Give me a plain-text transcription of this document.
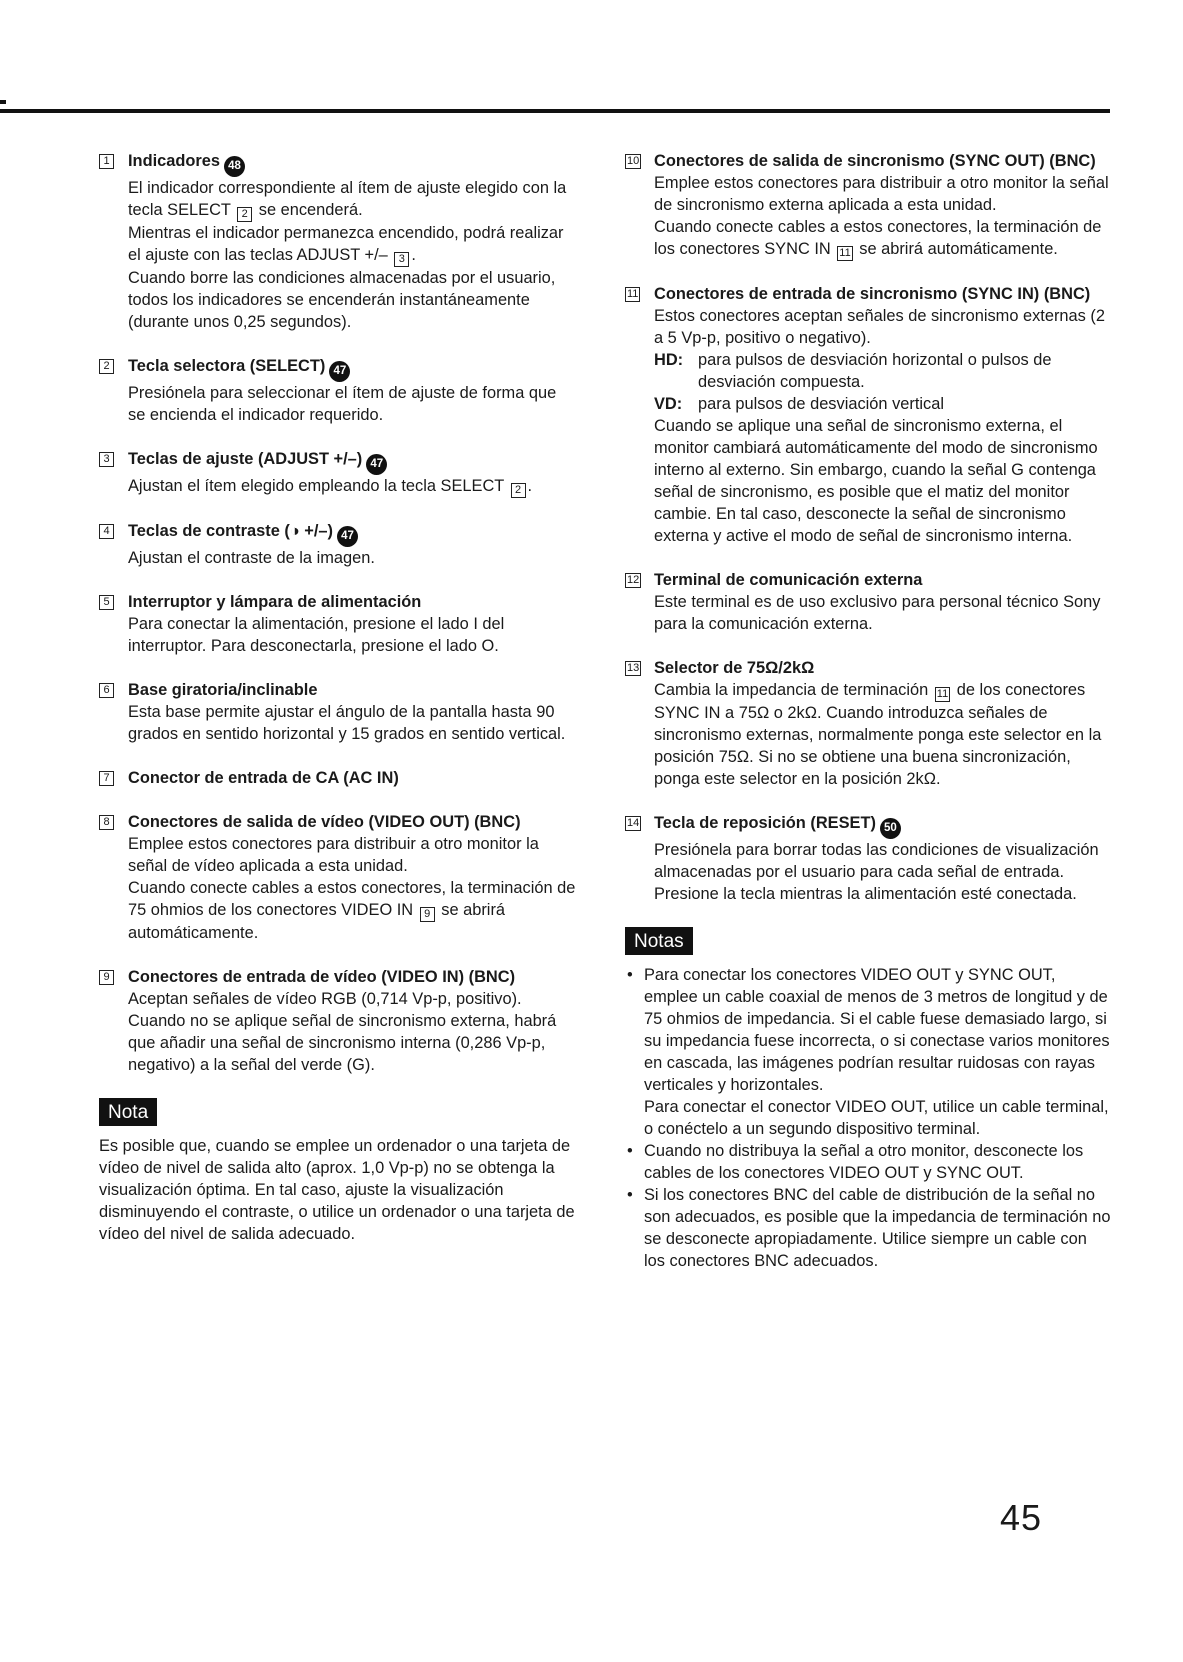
1 Indicadores 48
El indicador correspondiente al ítem de ajuste elegido con la tecla SELECT 2 se encenderá.
Mientras el indicador permanezca encendido, podrá realizar el ajuste con las teclas ADJUST +/– 3 .
Cuando borre las condiciones almacenadas por el usuario, todos los indicadores se encenderán instantáneamente (durante unos 0,25 segundos).
2 Tecla selectora (SELECT) 47
Presiónela para seleccionar el ítem de ajuste de forma que se encienda el indicador requerido.
3 Teclas de ajuste (ADJUST +/–) 47
Ajustan el ítem elegido empleando la tecla SELECT 2 .
4 Teclas de contraste (◑ +/–) 47
Ajustan el contraste de la imagen.
5 Interruptor y lámpara de alimentación
Para conectar la alimentación, presione el lado I del interruptor. Para desconectarla, presione el lado O.
6 Base giratoria/inclinable
Esta base permite ajustar el ángulo de la pantalla hasta 90 grados en sentido horizontal y 15 grados en sentido vertical.
7 Conector de entrada de CA (AC IN)
8 Conectores de salida de vídeo (VIDEO OUT) (BNC)
Emplee estos conectores para distribuir a otro monitor la señal de vídeo aplicada a esta unidad.
Cuando conecte cables a estos conectores, la terminación de 75 ohmios de los conectores VIDEO IN 9 se abrirá automáticamente.
9 Conectores de entrada de vídeo (VIDEO IN) (BNC)
Aceptan señales de vídeo RGB (0,714 Vp-p, positivo). Cuando no se aplique señal de sincronismo externa, habrá que añadir una señal de sincronismo interna (0,286 Vp-p, negativo) a la señal del verde (G).
Nota

Es posible que, cuando se emplee un ordenador o una tarjeta de vídeo de nivel de salida alto (aprox. 1,0 Vp-p) no se obtenga la visualización óptima. En tal caso, ajuste la visualización disminuyendo el contraste, o utilice un ordenador o una tarjeta de vídeo del nivel de salida adecuado.

10 Conectores de salida de sincronismo (SYNC OUT) (BNC)
Emplee estos conectores para distribuir a otro monitor la señal de sincronismo externa aplicada a esta unidad.
Cuando conecte cables a estos conectores, la terminación de los conectores SYNC IN 11 se abrirá automáticamente.
11 Conectores de entrada de sincronismo (SYNC IN) (BNC)
Estos conectores aceptan señales de sincronismo externas (2 a 5 Vp-p, positivo o negativo).
HD: para pulsos de desviación horizontal o pulsos de desviación compuesta.
VD: para pulsos de desviación vertical
Cuando se aplique una señal de sincronismo externa, el monitor cambiará automáticamente del modo de sincronismo interno al externo. Sin embargo, cuando la señal G contenga señal de sincronismo, es posible que el matiz del monitor cambie. En tal caso, desconecte la señal de sincronismo externa y active el modo de señal de sincronismo interna.
12 Terminal de comunicación externa
Este terminal es de uso exclusivo para personal técnico Sony para la comunicación externa.
13 Selector de 75Ω/2kΩ
Cambia la impedancia de terminación 11 de los conectores SYNC IN a 75Ω o 2kΩ. Cuando introduzca señales de sincronismo externas, normalmente ponga este selector en la posición 75Ω. Si no se obtiene una buena sincronización, ponga este selector en la posición 2kΩ.
14 Tecla de reposición (RESET) 50
Presiónela para borrar todas las condiciones de visualización almacenadas por el usuario para cada señal de entrada.
Presione la tecla mientras la alimentación esté conectada.
Notas
• Para conectar los conectores VIDEO OUT y SYNC OUT, emplee un cable coaxial de menos de 3 metros de longitud y de 75 ohmios de impedancia. Si el cable fuese demasiado largo, si su impedancia fuese incorrecta, o si conectase varios monitores en cascada, las imágenes podrían resultar ruidosas con rayas verticales y horizontales.
Para conectar el conector VIDEO OUT, utilice un cable terminal, o conéctelo a un segundo dispositivo terminal.
• Cuando no distribuya la señal a otro monitor, desconecte los cables de los conectores VIDEO OUT y SYNC OUT.
• Si los conectores BNC del cable de distribución de la señal no son adecuados, es posible que la impedancia de terminación no se desconecte apropiadamente. Utilice siempre un cable con los conectores BNC adecuados.
45
